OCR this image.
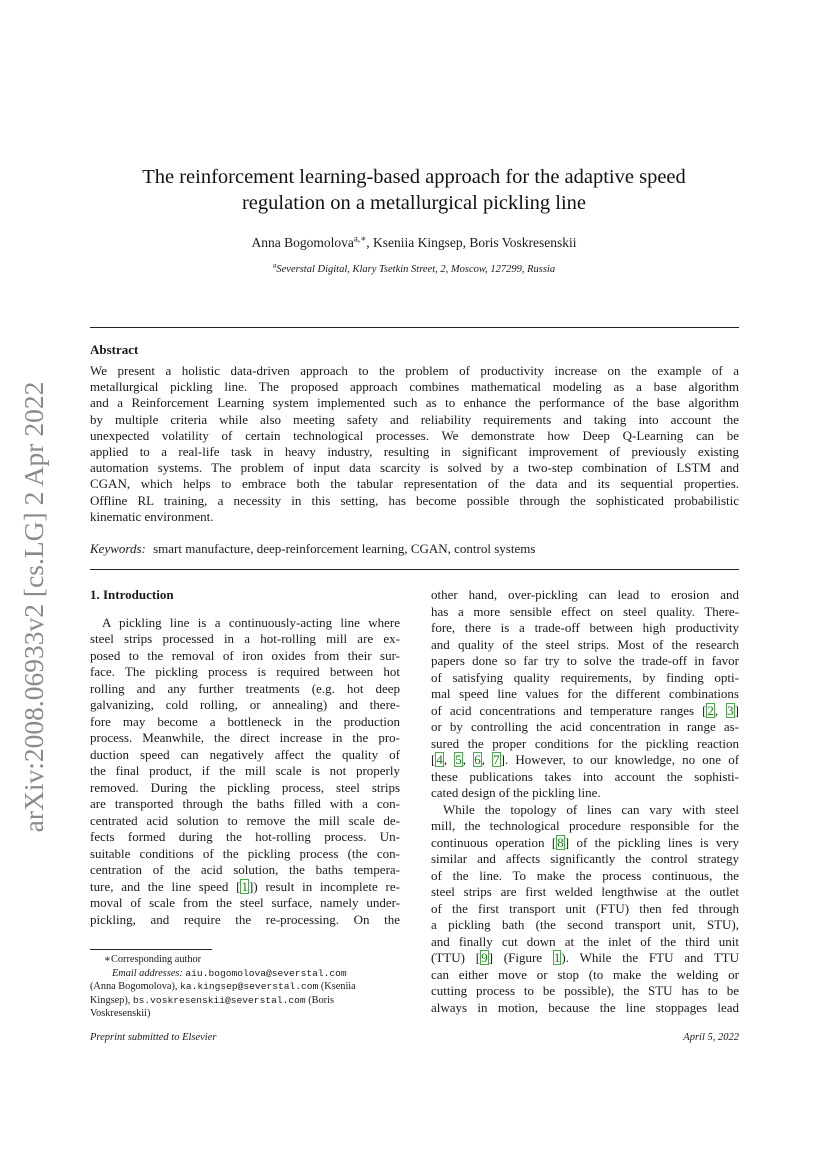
arXiv:2008.06933v2 [cs.LG] 2 Apr 2022
The reinforcement learning-based approach for the adaptive speed
regulation on a metallurgical pickling line
Anna Bogomolova$^{a,∗}$, Kseniia Kingsep, Boris Voskresenskii
$^a$Severstal Digital, Klary Tsetkin Street, 2, Moscow, 127299, Russia
Abstract
We present a holistic data-driven approach to the problem of productivity increase on the example of a
metallurgical pickling line. The proposed approach combines mathematical modeling as a base algorithm
and a Reinforcement Learning system implemented such as to enhance the performance of the base algorithm
by multiple criteria while also meeting safety and reliability requirements and taking into account the
unexpected volatility of certain technological processes. We demonstrate how Deep Q-Learning can be
applied to a real-life task in heavy industry, resulting in significant improvement of previously existing
automation systems. The problem of input data scarcity is solved by a two-step combination of LSTM and
CGAN, which helps to embrace both the tabular representation of the data and its sequential properties.
Offline RL training, a necessity in this setting, has become possible through the sophisticated probabilistic
kinematic environment.
Keywords: smart manufacture, deep-reinforcement learning, CGAN, control systems
1. Introduction
A pickling line is a continuously-acting line where
steel strips processed in a hot-rolling mill are ex-
posed to the removal of iron oxides from their sur-
face. The pickling process is required between hot
rolling and any further treatments (e.g. hot deep
galvanizing, cold rolling, or annealing) and there-
fore may become a bottleneck in the production
process. Meanwhile, the direct increase in the pro-
duction speed can negatively affect the quality of
the final product, if the mill scale is not properly
removed. During the pickling process, steel strips
are transported through the baths filled with a con-
centrated acid solution to remove the mill scale de-
fects formed during the hot-rolling process. Un-
suitable conditions of the pickling process (the con-
centration of the acid solution, the baths tempera-
ture, and the line speed [1]) result in incomplete re-
moval of scale from the steel surface, namely under-
pickling, and require the re-processing. On the
other hand, over-pickling can lead to erosion and
has a more sensible effect on steel quality. There-
fore, there is a trade-off between high productivity
and quality of the steel strips. Most of the research
papers done so far try to solve the trade-off in favor
of satisfying quality requirements, by finding opti-
mal speed line values for the different combinations
of acid concentrations and temperature ranges [2, 3]
or by controlling the acid concentration in range as-
sured the proper conditions for the pickling reaction
[4, 5, 6, 7]. However, to our knowledge, no one of
these publications takes into account the sophisti-
cated design of the pickling line.
While the topology of lines can vary with steel
mill, the technological procedure responsible for the
continuous operation [8] of the pickling lines is very
similar and affects significantly the control strategy
of the line. To make the process continuous, the
steel strips are first welded lengthwise at the outlet
of the first transport unit (FTU) then fed through
a pickling bath (the second transport unit, STU),
and finally cut down at the inlet of the third unit
(TTU) [9] (Figure 1). While the FTU and TTU
can either move or stop (to make the welding or
cutting process to be possible), the STU has to be
always in motion, because the line stoppages lead
∗Corresponding author
Email addresses: aiu.bogomolova@severstal.com
(Anna Bogomolova), ka.kingsep@severstal.com (Kseniia
Kingsep), bs.voskresenskii@severstal.com (Boris
Voskresenskii)
Preprint submitted to Elsevier	April 5, 2022
